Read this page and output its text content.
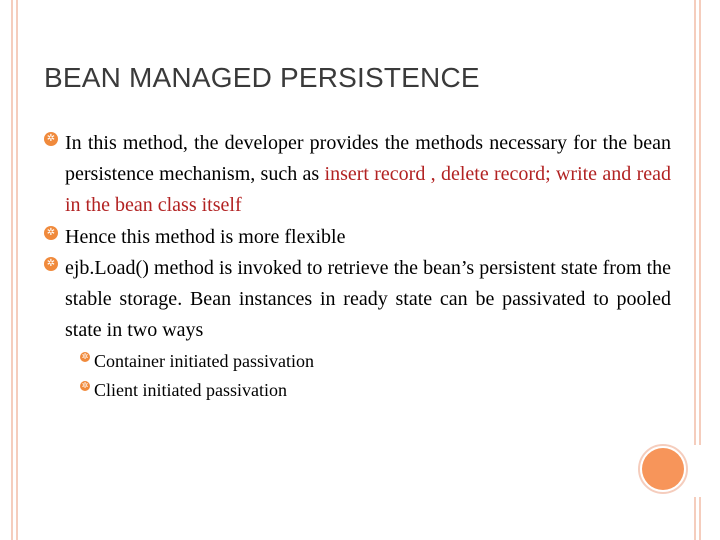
BEAN MANAGED PERSISTENCE
✲ In this method, the developer provides the methods necessary for the bean persistence mechanism, such as insert record , delete record; write and read in the bean class itself
✲ Hence this method is more flexible
✲ ejb.Load() method is invoked to retrieve the bean’s persistent state from the stable storage. Bean instances in ready state can be passivated to pooled state in two ways
✲ Container initiated passivation
✲ Client initiated passivation
